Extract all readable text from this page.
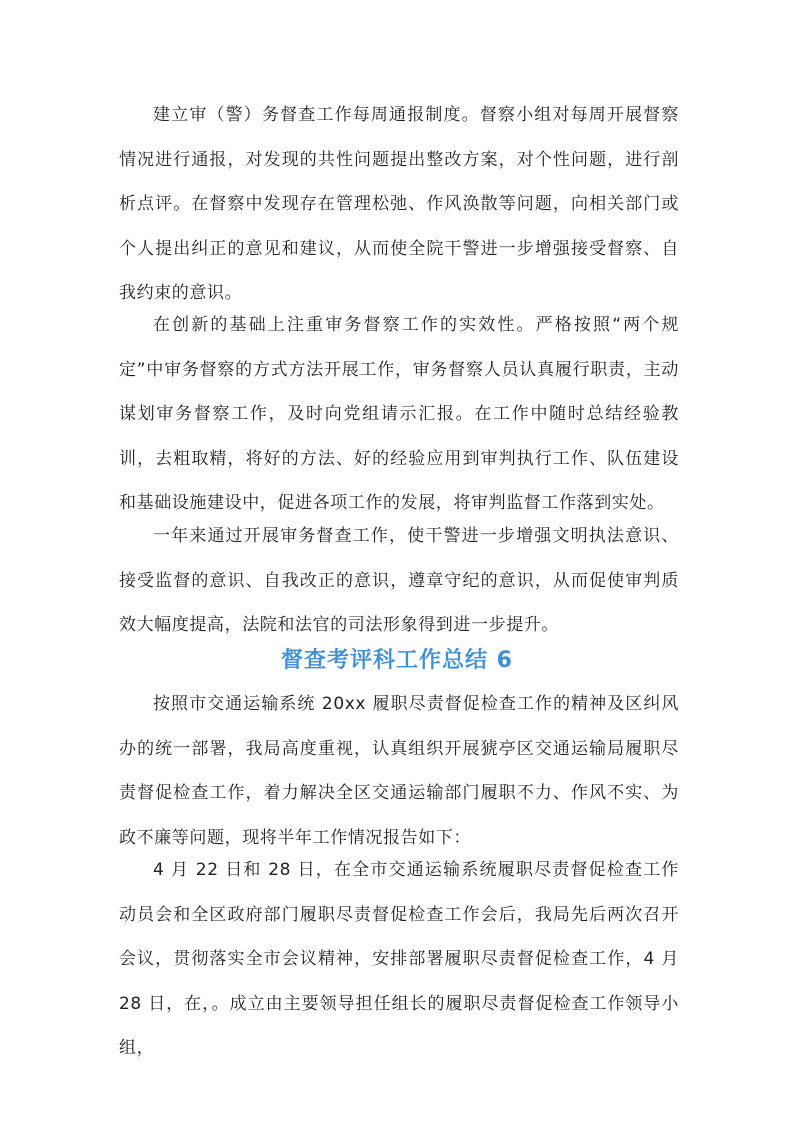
建立审（警）务督查工作每周通报制度。督察小组对每周开展督察情况进行通报，对发现的共性问题提出整改方案，对个性问题，进行剖析点评。在督察中发现存在管理松弛、作风涣散等问题，向相关部门或个人提出纠正的意见和建议，从而使全院干警进一步增强接受督察、自我约束的意识。

在创新的基础上注重审务督察工作的实效性。严格按照“两个规定”中审务督察的方式方法开展工作，审务督察人员认真履行职责，主动谋划审务督察工作，及时向党组请示汇报。在工作中随时总结经验教训，去粗取精，将好的方法、好的经验应用到审判执行工作、队伍建设和基础设施建设中，促进各项工作的发展，将审判监督工作落到实处。

一年来通过开展审务督查工作，使干警进一步增强文明执法意识、接受监督的意识、自我改正的意识，遵章守纪的意识，从而促使审判质效大幅度提高，法院和法官的司法形象得到进一步提升。

督查考评科工作总结 6

按照市交通运输系统 20xx 履职尽责督促检查工作的精神及区纠风办的统一部署，我局高度重视，认真组织开展猇亭区交通运输局履职尽责督促检查工作，着力解决全区交通运输部门履职不力、作风不实、为政不廉等问题，现将半年工作情况报告如下：

4 月 22 日和 28 日，在全市交通运输系统履职尽责督促检查工作动员会和全区政府部门履职尽责督促检查工作会后，我局先后两次召开会议，贯彻落实全市会议精神，安排部署履职尽责督促检查工作，4 月 28 日，在，。成立由主要领导担任组长的履职尽责督促检查工作领导小组，
